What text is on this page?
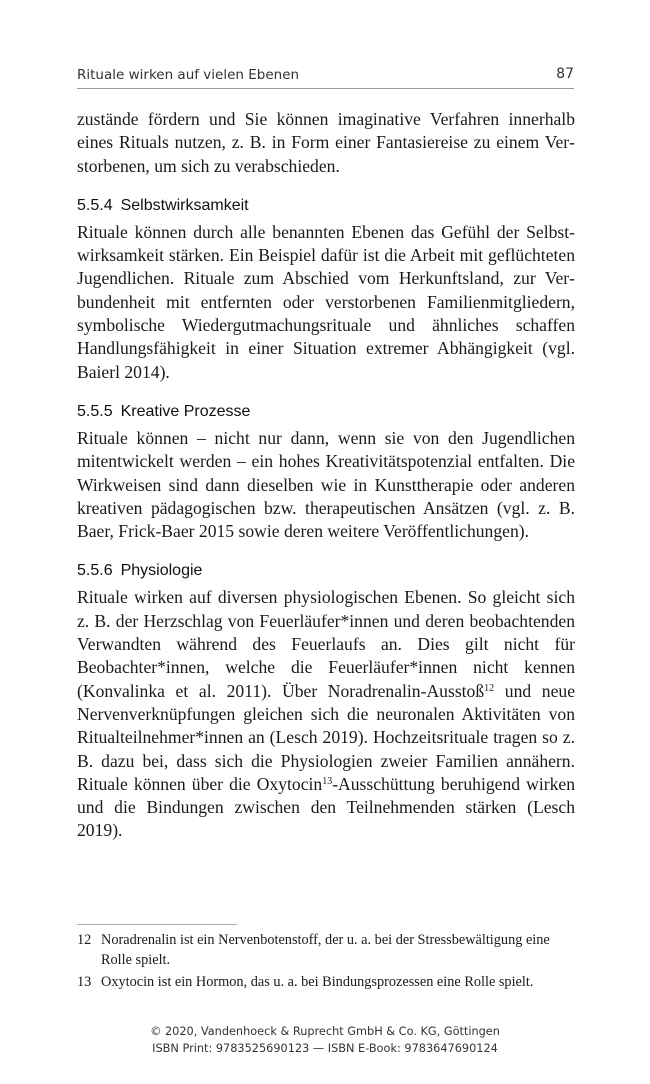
Rituale wirken auf vielen Ebenen	87

zustände fördern und Sie können imaginative Verfahren innerhalb eines Rituals nutzen, z. B. in Form einer Fantasiereise zu einem Verstorbenen, um sich zu verabschieden.

5.5.4 Selbstwirksamkeit

Rituale können durch alle benannten Ebenen das Gefühl der Selbstwirksamkeit stärken. Ein Beispiel dafür ist die Arbeit mit geflüchteten Jugendlichen. Rituale zum Abschied vom Herkunftsland, zur Verbundenheit mit entfernten oder verstorbenen Familienmitgliedern, symbolische Wiedergutmachungsrituale und ähnliches schaffen Handlungsfähigkeit in einer Situation extremer Abhängigkeit (vgl. Baierl 2014).

5.5.5 Kreative Prozesse

Rituale können – nicht nur dann, wenn sie von den Jugendlichen mitentwickelt werden – ein hohes Kreativitätspotenzial entfalten. Die Wirkweisen sind dann dieselben wie in Kunsttherapie oder anderen kreativen pädagogischen bzw. therapeutischen Ansätzen (vgl. z. B. Baer, Frick-Baer 2015 sowie deren weitere Veröffentlichungen).

5.5.6 Physiologie

Rituale wirken auf diversen physiologischen Ebenen. So gleicht sich z. B. der Herzschlag von Feuerläufer*innen und deren beobachtenden Verwandten während des Feuerlaufs an. Dies gilt nicht für Beobachter*innen, welche die Feuerläufer*innen nicht kennen (Konvalinka et al. 2011). Über Noradrenalin-Ausstoß$^{12}$ und neue Nervenverknüpfungen gleichen sich die neuronalen Aktivitäten von Ritualteilnehmer*innen an (Lesch 2019). Hochzeitsrituale tragen so z. B. dazu bei, dass sich die Physiologien zweier Familien annähern. Rituale können über die Oxytocin$^{13}$-Ausschüttung beruhigend wirken und die Bindungen zwischen den Teilnehmenden stärken (Lesch 2019).

12 Noradrenalin ist ein Nervenbotenstoff, der u. a. bei der Stressbewältigung eine Rolle spielt.
13 Oxytocin ist ein Hormon, das u. a. bei Bindungsprozessen eine Rolle spielt.
© 2020, Vandenhoeck & Ruprecht GmbH & Co. KG, Göttingen
ISBN Print: 9783525690123 — ISBN E-Book: 9783647690124
